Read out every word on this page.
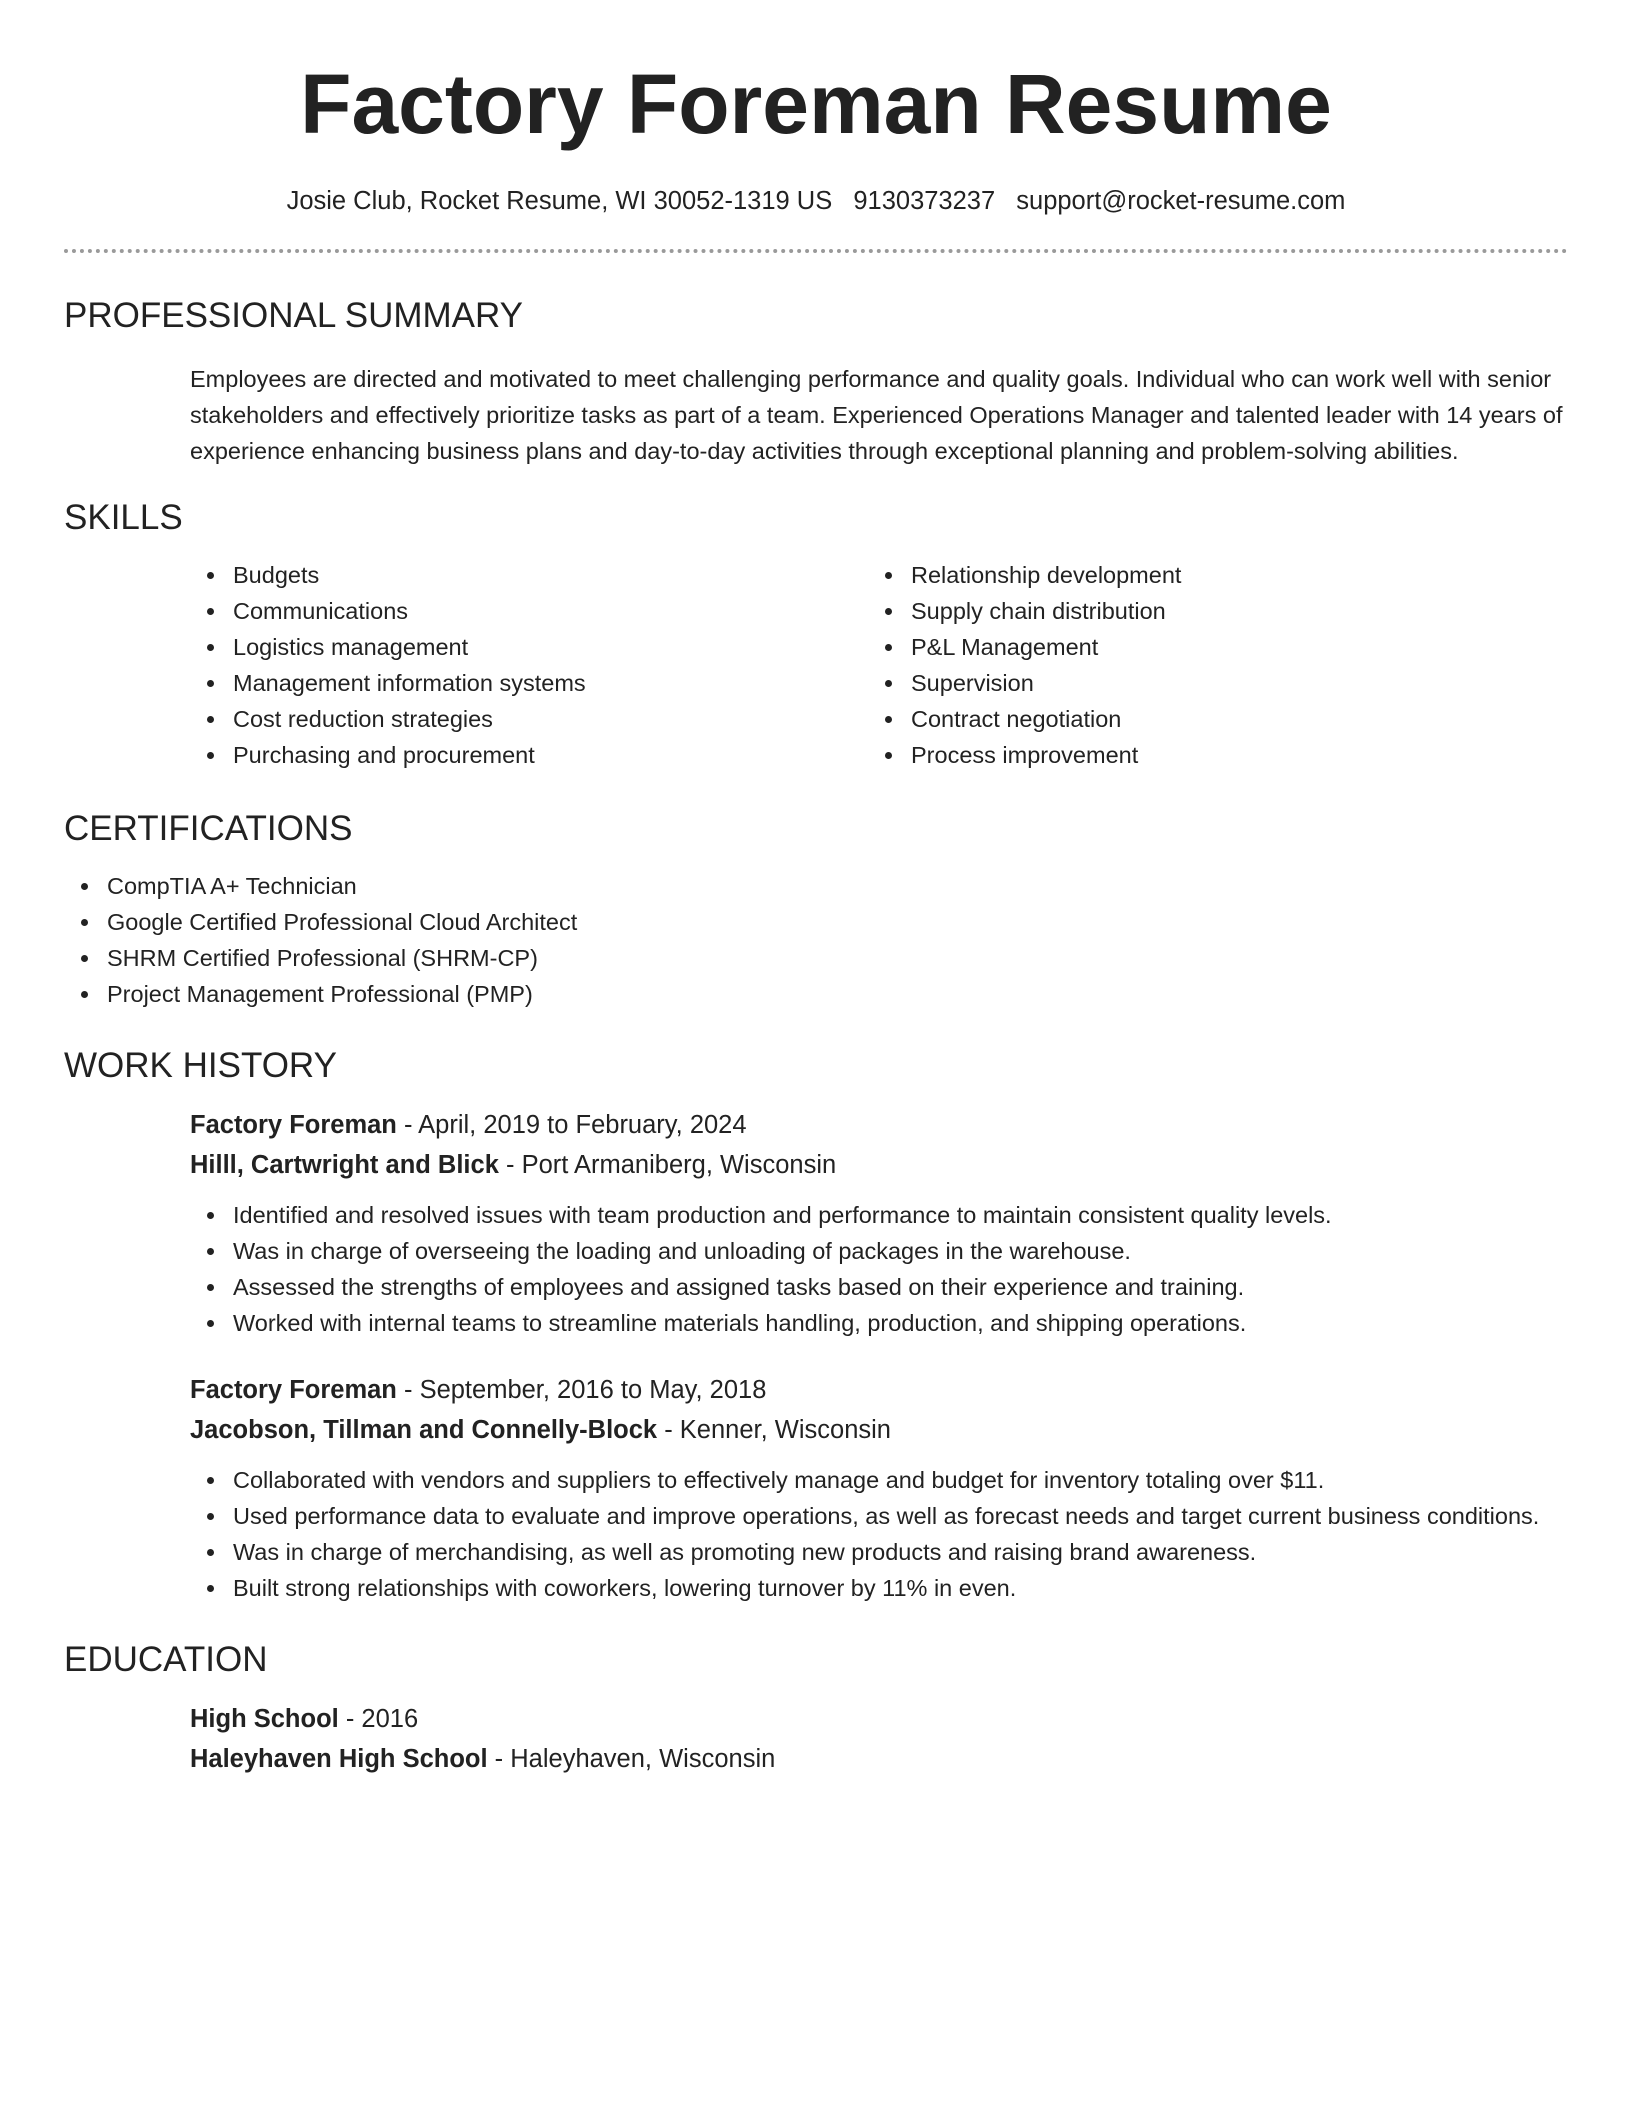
Factory Foreman Resume
Josie Club, Rocket Resume, WI 30052-1319 US 9130373237 support@rocket-resume.com
PROFESSIONAL SUMMARY

Employees are directed and motivated to meet challenging performance and quality goals. Individual who can work well with senior stakeholders and effectively prioritize tasks as part of a team. Experienced Operations Manager and talented leader with 14 years of experience enhancing business plans and day-to-day activities through exceptional planning and problem-solving abilities.

SKILLS
Budgets
Communications
Logistics management
Management information systems
Cost reduction strategies
Purchasing and procurement
Relationship development
Supply chain distribution
P&L Management
Supervision
Contract negotiation
Process improvement
CERTIFICATIONS
CompTIA A+ Technician
Google Certified Professional Cloud Architect
SHRM Certified Professional (SHRM-CP)
Project Management Professional (PMP)
WORK HISTORY
Factory Foreman - April, 2019 to February, 2024
Hilll, Cartwright and Blick - Port Armaniberg, Wisconsin
Identified and resolved issues with team production and performance to maintain consistent quality levels.
Was in charge of overseeing the loading and unloading of packages in the warehouse.
Assessed the strengths of employees and assigned tasks based on their experience and training.
Worked with internal teams to streamline materials handling, production, and shipping operations.
Factory Foreman - September, 2016 to May, 2018
Jacobson, Tillman and Connelly-Block - Kenner, Wisconsin
Collaborated with vendors and suppliers to effectively manage and budget for inventory totaling over $11.
Used performance data to evaluate and improve operations, as well as forecast needs and target current business conditions.
Was in charge of merchandising, as well as promoting new products and raising brand awareness.
Built strong relationships with coworkers, lowering turnover by 11% in even.
EDUCATION
High School - 2016
Haleyhaven High School - Haleyhaven, Wisconsin
